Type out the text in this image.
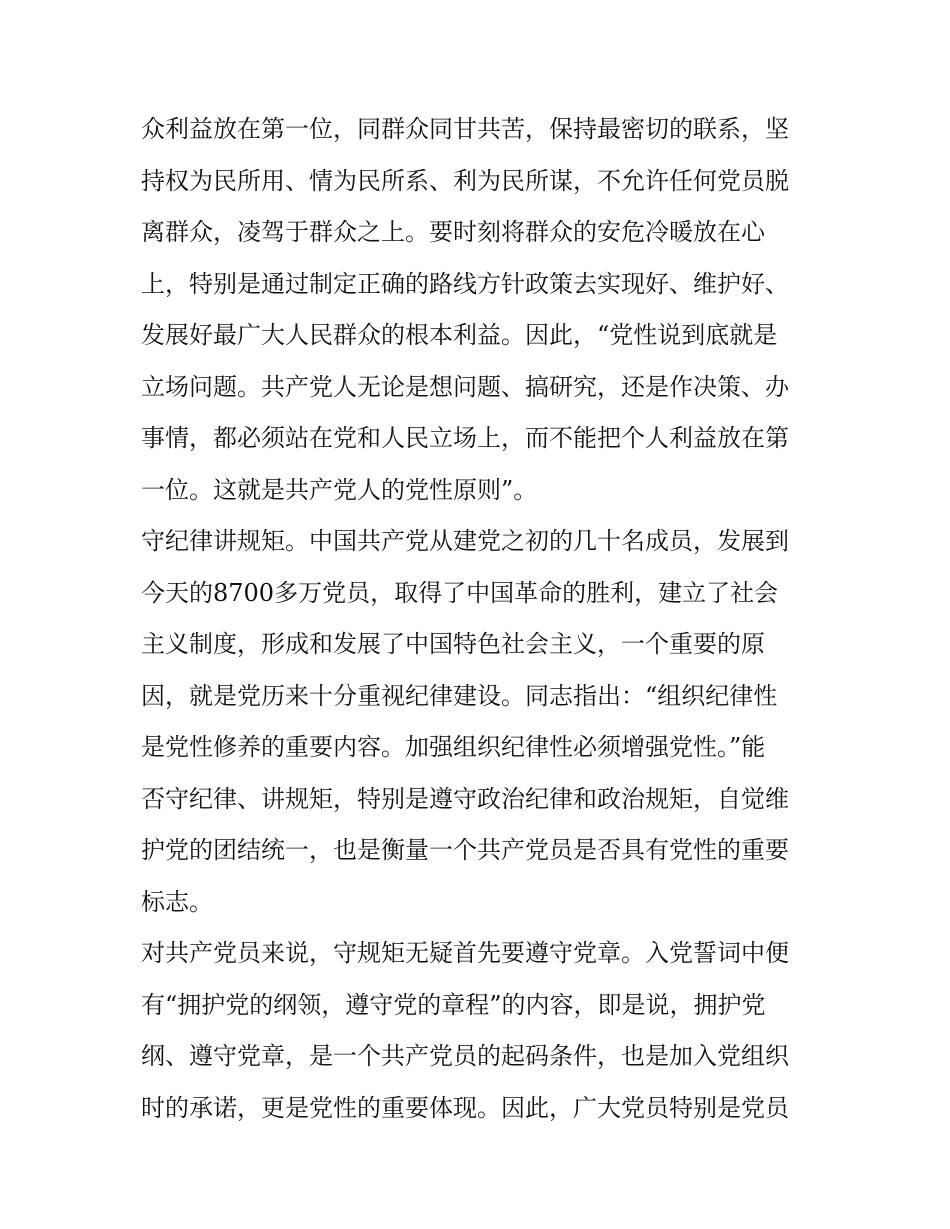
众利益放在第一位，同群众同甘共苦，保持最密切的联系，坚
持权为民所用、情为民所系、利为民所谋，不允许任何党员脱
离群众，凌驾于群众之上。要时刻将群众的安危冷暖放在心
上，特别是通过制定正确的路线方针政策去实现好、维护好、
发展好最广大人民群众的根本利益。因此，“党性说到底就是
立场问题。共产党人无论是想问题、搞研究，还是作决策、办
事情，都必须站在党和人民立场上，而不能把个人利益放在第
一位。这就是共产党人的党性原则”。
守纪律讲规矩。中国共产党从建党之初的几十名成员，发展到
今天的8700多万党员，取得了中国革命的胜利，建立了社会
主义制度，形成和发展了中国特色社会主义，一个重要的原
因，就是党历来十分重视纪律建设。同志指出：“组织纪律性
是党性修养的重要内容。加强组织纪律性必须增强党性。”能
否守纪律、讲规矩，特别是遵守政治纪律和政治规矩，自觉维
护党的团结统一，也是衡量一个共产党员是否具有党性的重要
标志。
对共产党员来说，守规矩无疑首先要遵守党章。入党誓词中便
有“拥护党的纲领，遵守党的章程”的内容，即是说，拥护党
纲、遵守党章，是一个共产党员的起码条件，也是加入党组织
时的承诺，更是党性的重要体现。因此，广大党员特别是党员
